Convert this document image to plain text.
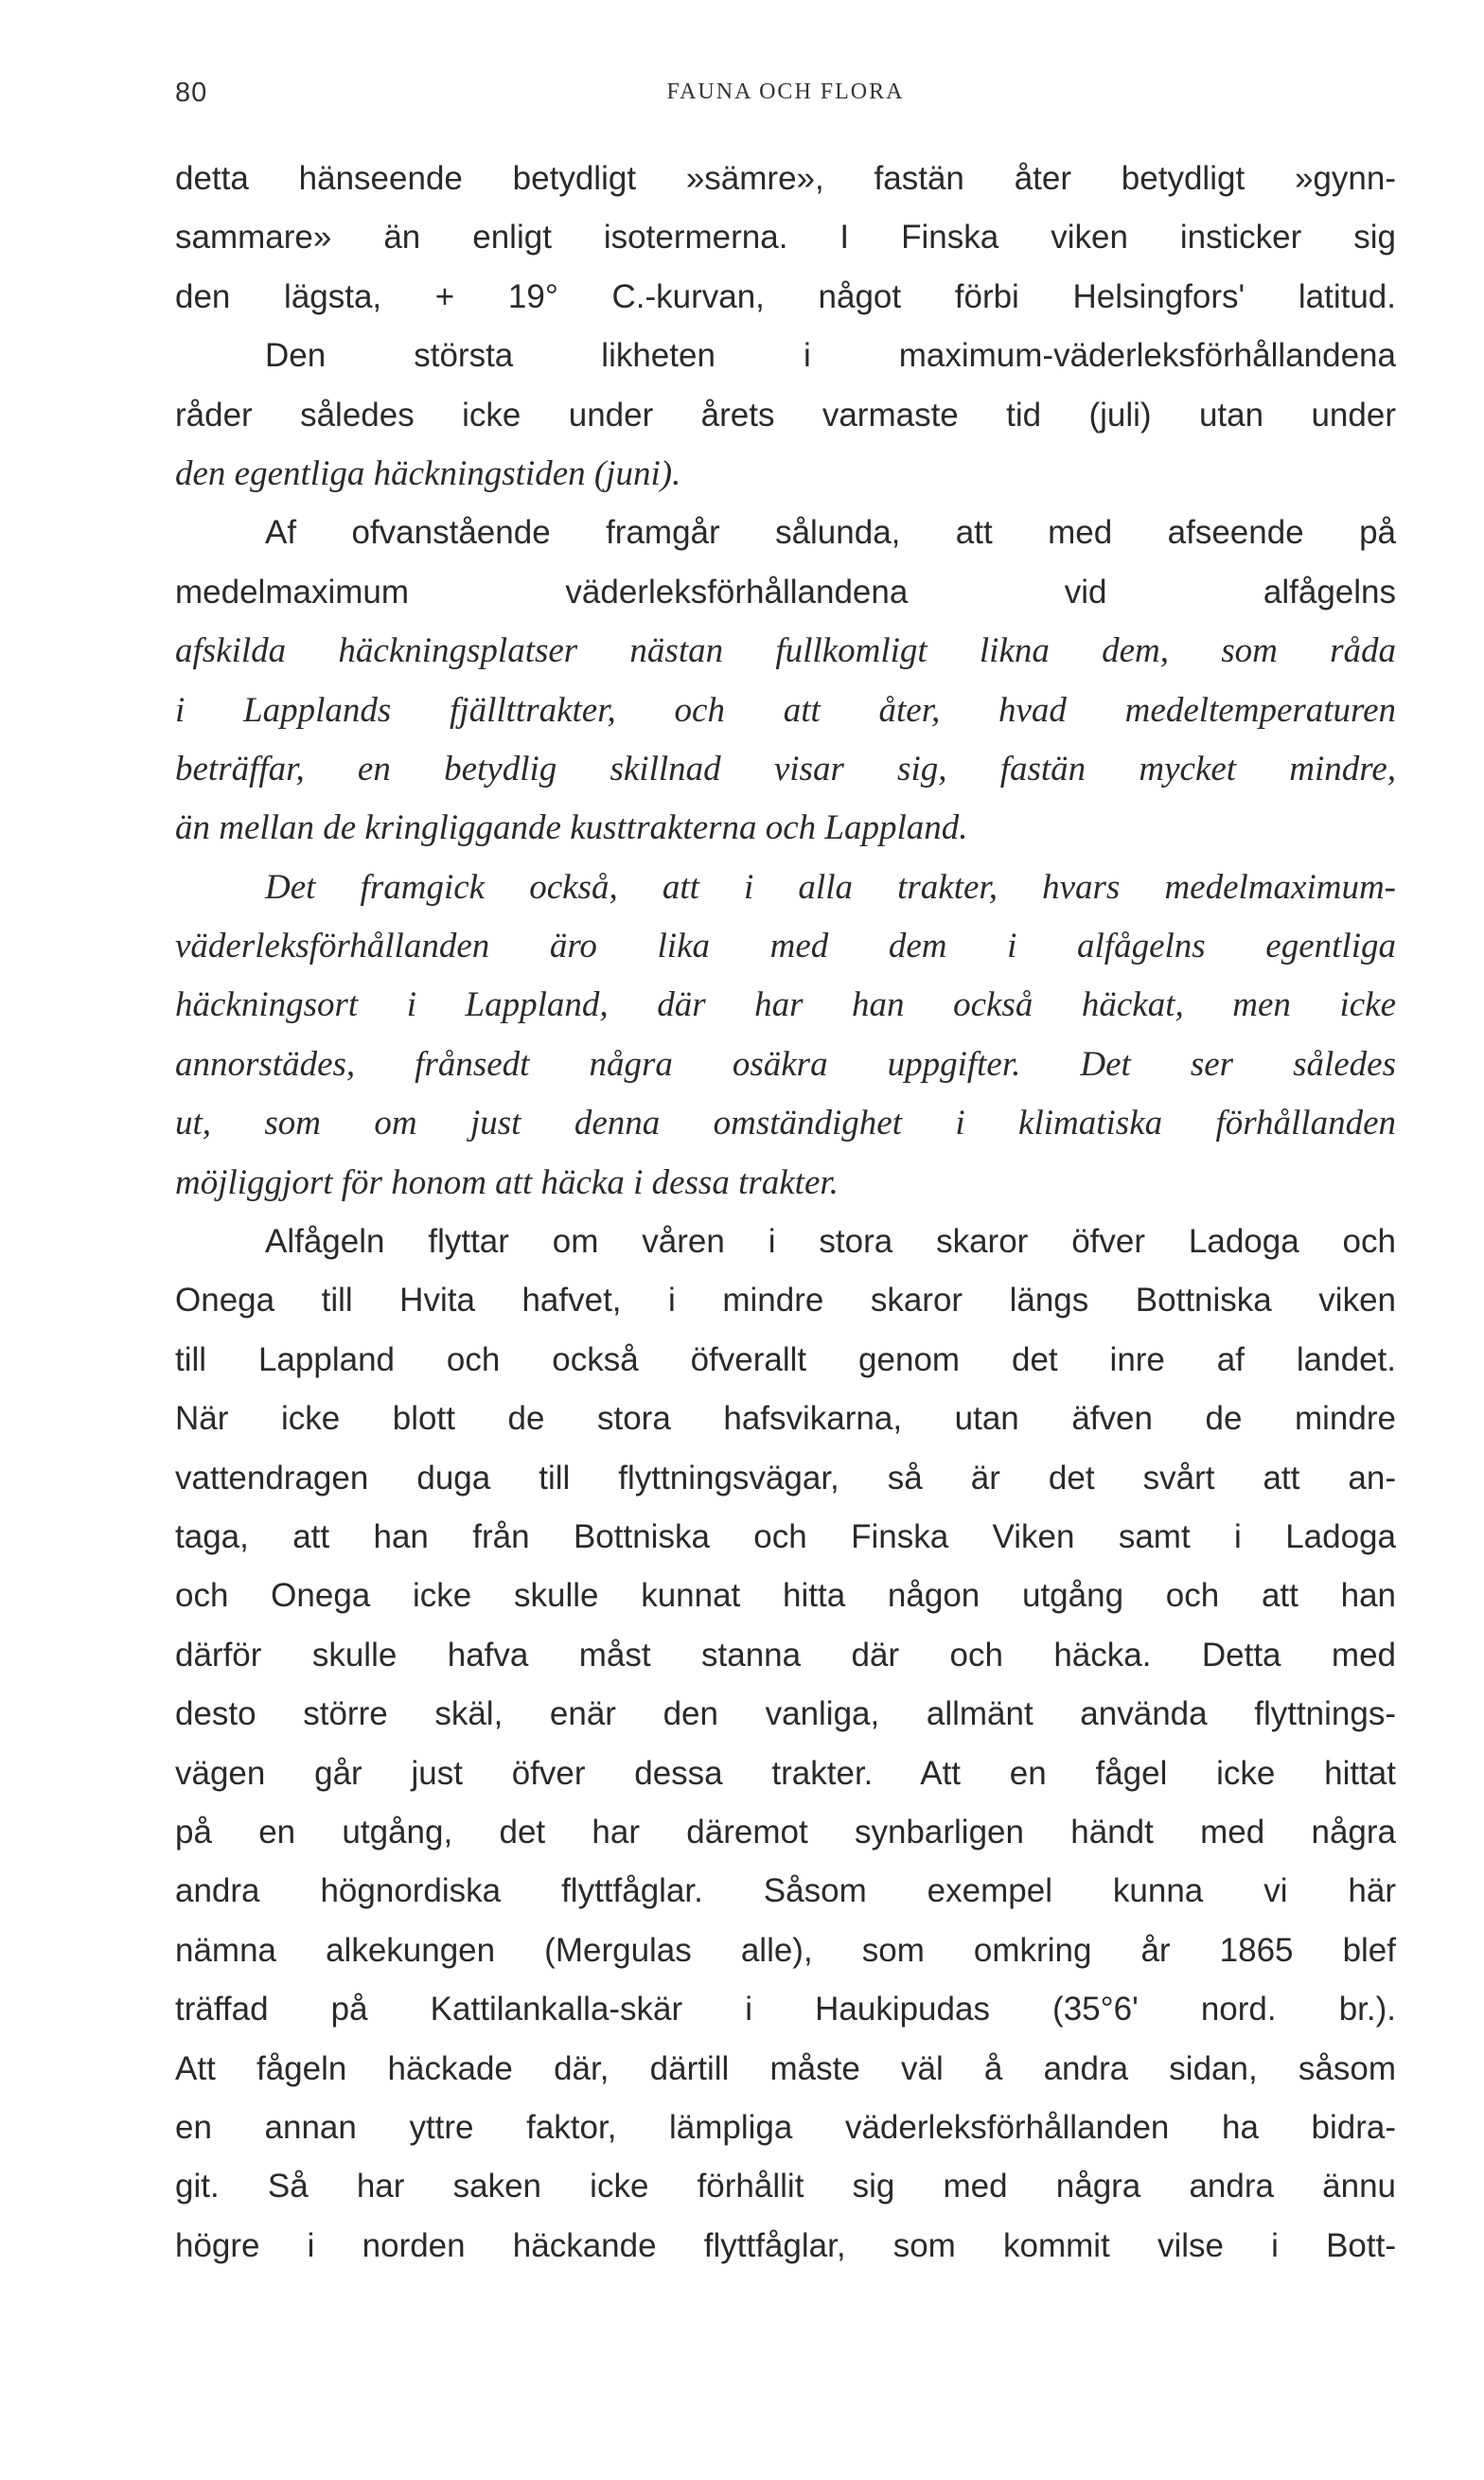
80	FAUNA OCH FLORA
detta hänseende betydligt »sämre», fastän åter betydligt »gynn-
sammare» än enligt isotermerna. I Finska viken insticker sig
den lägsta, + 19° C.-kurvan, något förbi Helsingfors' latitud.
Den största likheten i maximum-väderleksförhållandena
råder således icke under årets varmaste tid (juli) utan under
den egentliga häckningstiden (juni).
Af ofvanstående framgår sålunda, att med afseende på
medelmaximum väderleksförhållandena vid alfågelns
afskilda häckningsplatser nästan fullkomligt likna dem, som råda
i Lapplands fjällttrakter, och att åter, hvad medeltemperaturen
beträffar, en betydlig skillnad visar sig, fastän mycket mindre,
än mellan de kringliggande kusttrakterna och Lappland.
Det framgick också, att i alla trakter, hvars medelmaximum-
väderleksförhållanden äro lika med dem i alfågelns egentliga
häckningsort i Lappland, där har han också häckat, men icke
annorstädes, frånsedt några osäkra uppgifter. Det ser således
ut, som om just denna omständighet i klimatiska förhållanden
möjliggjort för honom att häcka i dessa trakter.
Alfågeln flyttar om våren i stora skaror öfver Ladoga och
Onega till Hvita hafvet, i mindre skaror längs Bottniska viken
till Lappland och också öfverallt genom det inre af landet.
När icke blott de stora hafsvikarna, utan äfven de mindre
vattendragen duga till flyttningsvägar, så är det svårt att an-
taga, att han från Bottniska och Finska Viken samt i Ladoga
och Onega icke skulle kunnat hitta någon utgång och att han
därför skulle hafva måst stanna där och häcka. Detta med
desto större skäl, enär den vanliga, allmänt använda flyttnings-
vägen går just öfver dessa trakter. Att en fågel icke hittat
på en utgång, det har däremot synbarligen händt med några
andra högnordiska flyttfåglar. Såsom exempel kunna vi här
nämna alkekungen (Mergulas alle), som omkring år 1865 blef
träffad på Kattilankalla-skär i Haukipudas (35°6' nord. br.).
Att fågeln häckade där, därtill måste väl å andra sidan, såsom
en annan yttre faktor, lämpliga väderleksförhållanden ha bidra-
git. Så har saken icke förhållit sig med några andra ännu
högre i norden häckande flyttfåglar, som kommit vilse i Bott-
